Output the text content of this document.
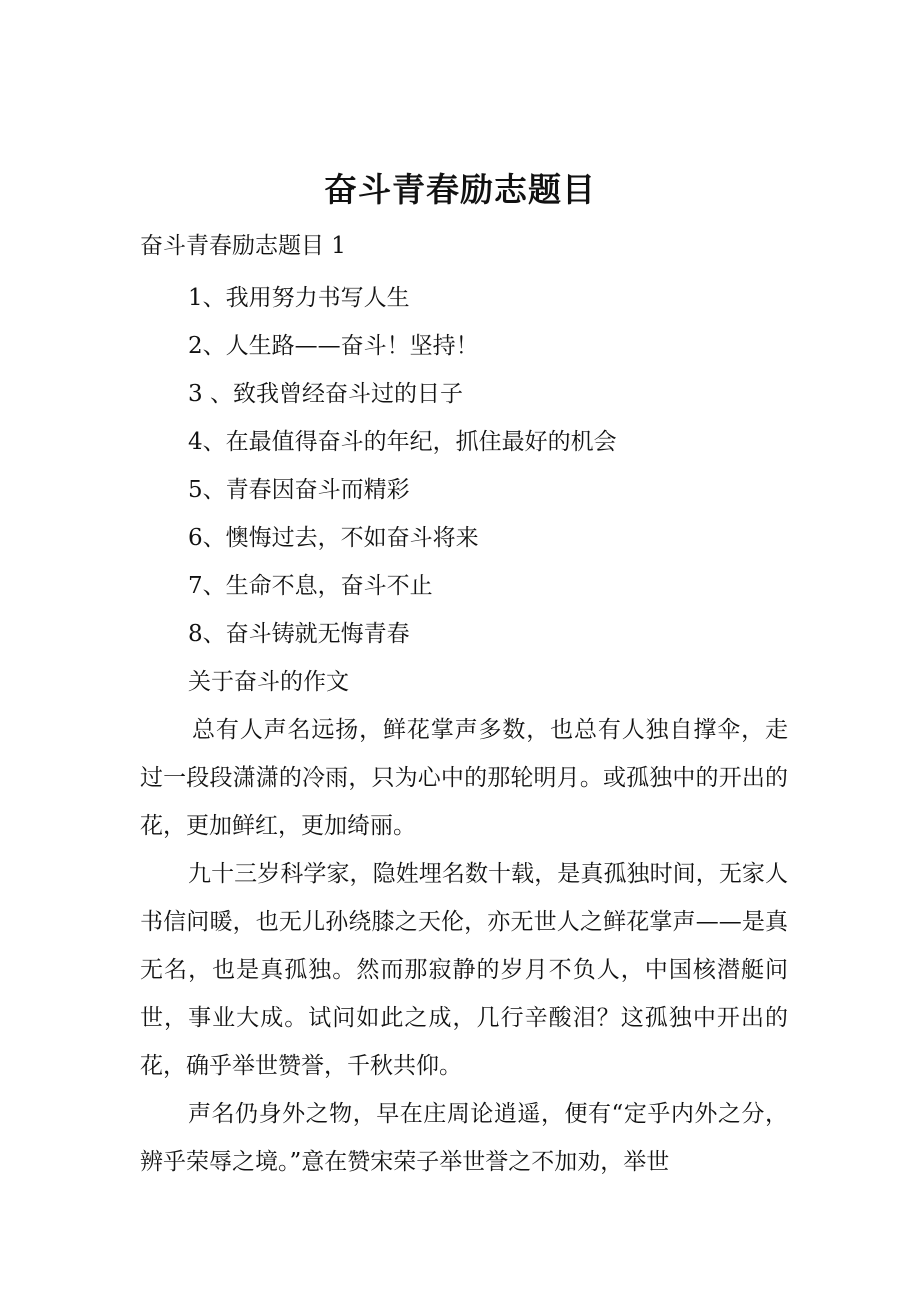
奋斗青春励志题目

奋斗青春励志题目 1

1、我用努力书写人生
2、人生路——奋斗！坚持！
3 、致我曾经奋斗过的日子
4、在最值得奋斗的年纪，抓住最好的机会
5、青春因奋斗而精彩
6、懊悔过去，不如奋斗将来
7、生命不息，奋斗不止
8、奋斗铸就无悔青春

关于奋斗的作文

总有人声名远扬，鲜花掌声多数，也总有人独自撑伞，走过一段段潇潇的冷雨，只为心中的那轮明月。或孤独中的开出的花，更加鲜红，更加绮丽。

九十三岁科学家，隐姓埋名数十载，是真孤独时间，无家人书信问暖，也无儿孙绕膝之天伦，亦无世人之鲜花掌声——是真无名，也是真孤独。然而那寂静的岁月不负人，中国核潜艇问世，事业大成。试问如此之成，几行辛酸泪？这孤独中开出的花，确乎举世赞誉，千秋共仰。

声名仍身外之物，早在庄周论逍遥，便有“定乎内外之分，辨乎荣辱之境。”意在赞宋荣子举世誉之不加劝，举世
